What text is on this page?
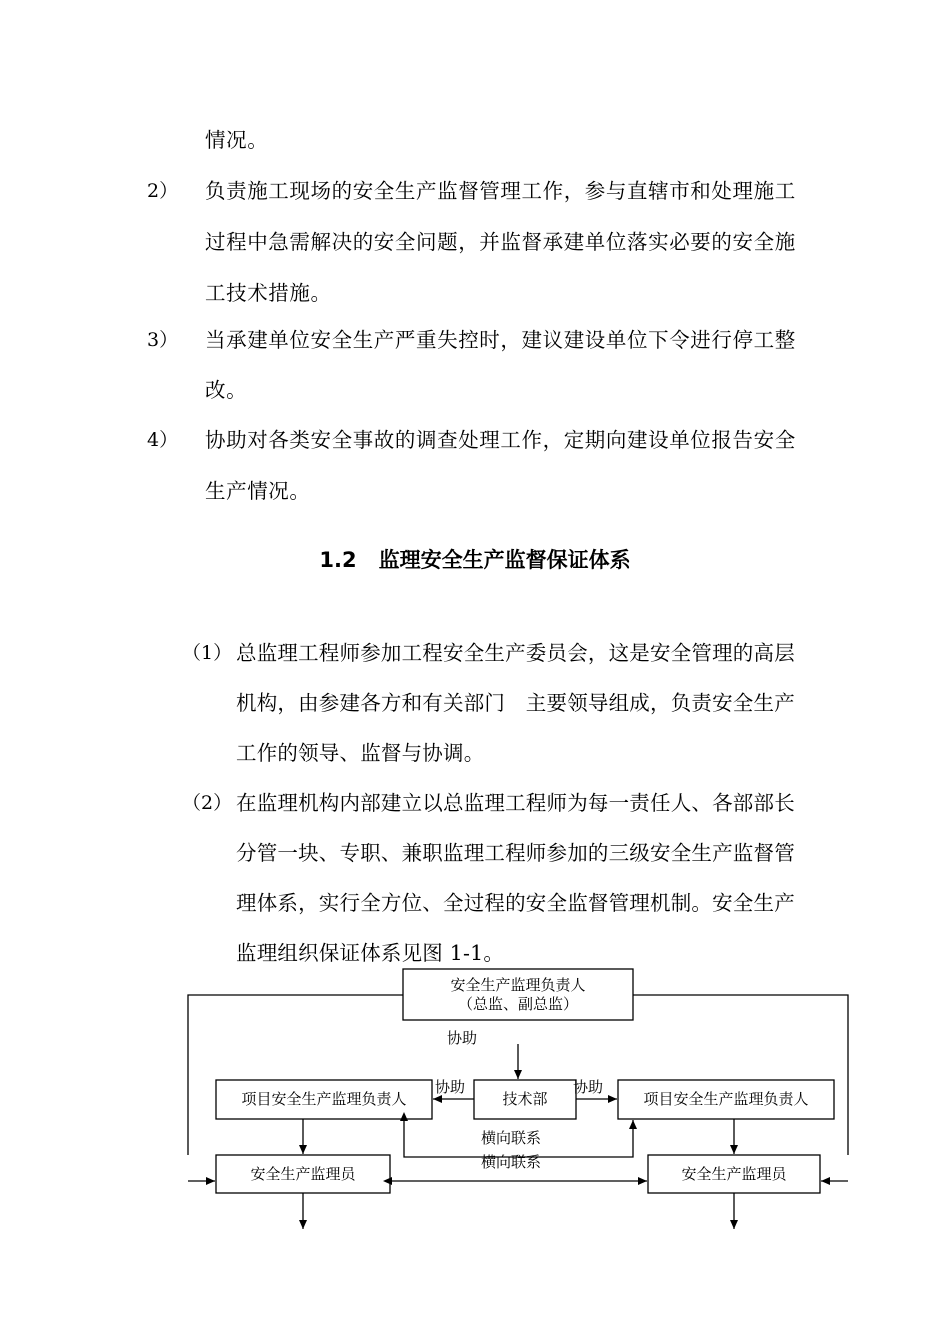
情况。
2） 负责施工现场的安全生产监督管理工作，参与直辖市和处理施工
过程中急需解决的安全问题，并监督承建单位落实必要的安全施
工技术措施。
3） 当承建单位安全生产严重失控时，建议建设单位下令进行停工整
改。
4） 协助对各类安全事故的调查处理工作，定期向建设单位报告安全
生产情况。
1.2 监理安全生产监督保证体系
（1） 总监理工程师参加工程安全生产委员会，这是安全管理的高层
机构，由参建各方和有关部门　主要领导组成，负责安全生产
工作的领导、监督与协调。
（2） 在监理机构内部建立以总监理工程师为每一责任人、各部部长
分管一块、专职、兼职监理工程师参加的三级安全生产监督管
理体系，实行全方位、全过程的安全监督管理机制。安全生产
监理组织保证体系见图 1-1。
安全生产监理负责人
（总监、副总监）
协助
项目安全生产监理负责人	技术部	项目安全生产监理负责人
协助	协助
横向联系
横向联系
安全生产监理员	安全生产监理员
